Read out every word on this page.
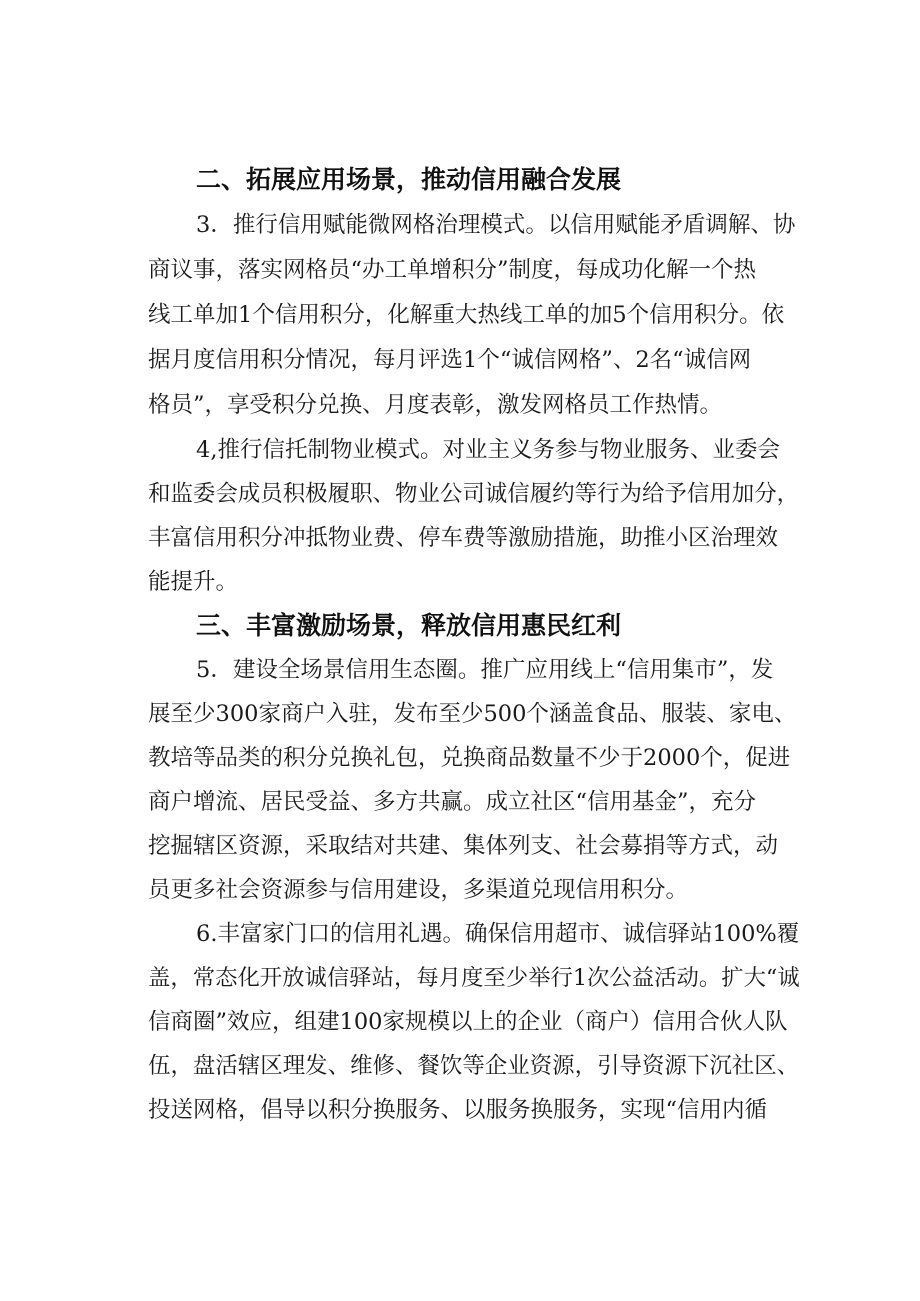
二、拓展应用场景，推动信用融合发展
3．推行信用赋能微网格治理模式。以信用赋能矛盾调解、协
商议事，落实网格员“办工单增积分”制度，每成功化解一个热
线工单加1个信用积分，化解重大热线工单的加5个信用积分。依
据月度信用积分情况，每月评选1个“诚信网格”、2名“诚信网
格员”，享受积分兑换、月度表彰，激发网格员工作热情。
4,推行信托制物业模式。对业主义务参与物业服务、业委会
和监委会成员积极履职、物业公司诚信履约等行为给予信用加分，
丰富信用积分冲抵物业费、停车费等激励措施，助推小区治理效
能提升。
三、丰富激励场景，释放信用惠民红利
5．建设全场景信用生态圈。推广应用线上“信用集市”，发
展至少300家商户入驻，发布至少500个涵盖食品、服装、家电、
教培等品类的积分兑换礼包，兑换商品数量不少于2000个，促进
商户增流、居民受益、多方共赢。成立社区“信用基金”，充分
挖掘辖区资源，采取结对共建、集体列支、社会募捐等方式，动
员更多社会资源参与信用建设，多渠道兑现信用积分。
6.丰富家门口的信用礼遇。确保信用超市、诚信驿站100%覆
盖，常态化开放诚信驿站，每月度至少举行1次公益活动。扩大“诚
信商圈”效应，组建100家规模以上的企业（商户）信用合伙人队
伍，盘活辖区理发、维修、餐饮等企业资源，引导资源下沉社区、
投送网格，倡导以积分换服务、以服务换服务，实现“信用内循
